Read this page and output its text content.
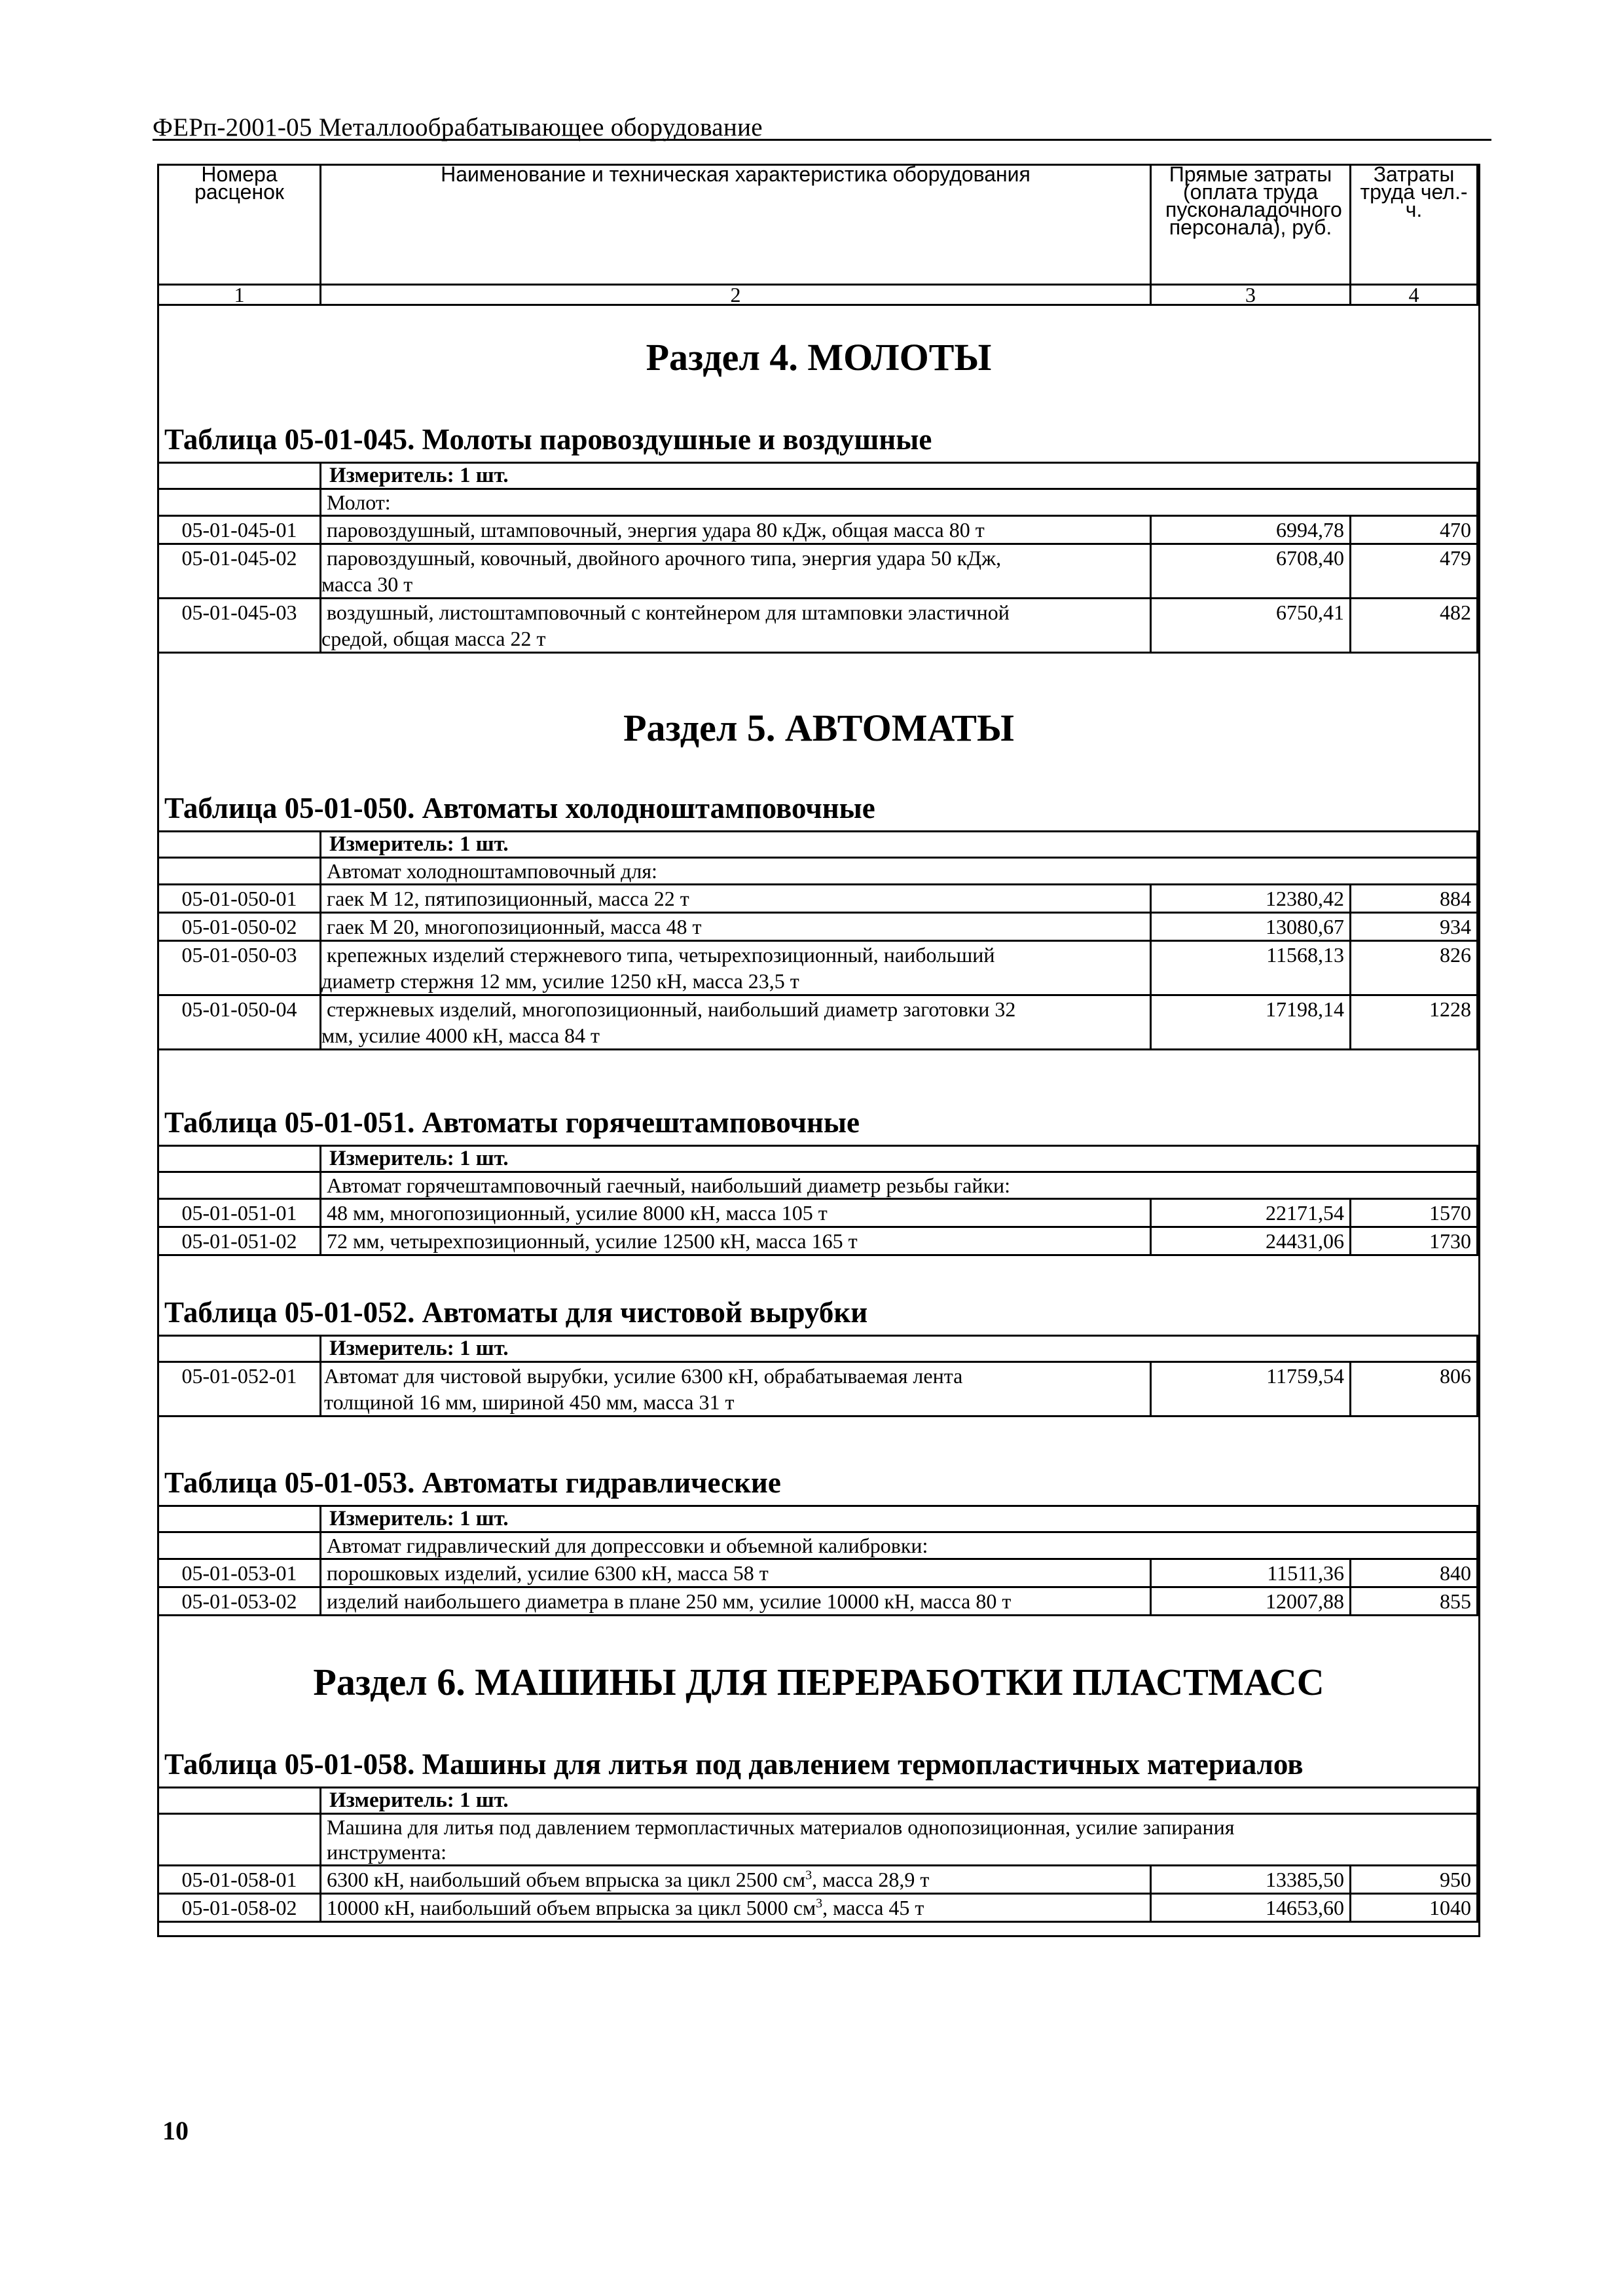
ФЕРп-2001-05 Металлообрабатывающее оборудование
Номера расценок	Наименование и техническая характеристика оборудования	Прямые затраты (оплата труда пусконаладочного персонала), руб.	Затраты труда чел.-ч.

1	2	3	4
Раздел 4. МОЛОТЫ
Таблица 05-01-045. Молоты паровоздушные и воздушные
	Измеритель: 1 шт.		
	Молот:		
05-01-045-01	паровоздушный, штамповочный, энергия удара 80 кДж, общая масса 80 т	6994,78	470
05-01-045-02	паровоздушный, ковочный, двойного арочного типа, энергия удара 50 кДж,
масса 30 т	6708,40	479
05-01-045-03	воздушный, листоштамповочный с контейнером для штамповки эластичной
средой, общая масса 22 т	6750,41	482
Раздел 5. АВТОМАТЫ
Таблица 05-01-050. Автоматы холодноштамповочные
	Измеритель: 1 шт.		
	Автомат холодноштамповочный для:		
05-01-050-01	гаек М 12, пятипозиционный, масса 22 т	12380,42	884
05-01-050-02	гаек М 20, многопозиционный, масса 48 т	13080,67	934
05-01-050-03	крепежных изделий стержневого типа, четырехпозиционный, наибольший
диаметр стержня 12 мм, усилие 1250 кН, масса 23,5 т	11568,13	826
05-01-050-04	стержневых изделий, многопозиционный, наибольший диаметр заготовки 32
мм, усилие 4000 кН, масса 84 т	17198,14	1228
Таблица 05-01-051. Автоматы горячештамповочные
	Измеритель: 1 шт.		
	Автомат горячештамповочный гаечный, наибольший диаметр резьбы гайки:		
05-01-051-01	48 мм, многопозиционный, усилие 8000 кН, масса 105 т	22171,54	1570
05-01-051-02	72 мм, четырехпозиционный, усилие 12500 кН, масса 165 т	24431,06	1730
Таблица 05-01-052. Автоматы для чистовой вырубки
	Измеритель: 1 шт.		
05-01-052-01	Автомат для чистовой вырубки, усилие 6300 кН, обрабатываемая лента
толщиной 16 мм, шириной 450 мм, масса 31 т	11759,54	806
Таблица 05-01-053. Автоматы гидравлические
	Измеритель: 1 шт.		
	Автомат гидравлический для допрессовки и объемной калибровки:		
05-01-053-01	порошковых изделий, усилие 6300 кН, масса 58 т	11511,36	840
05-01-053-02	изделий наибольшего диаметра в плане 250 мм, усилие 10000 кН, масса 80 т	12007,88	855
Раздел 6. МАШИНЫ ДЛЯ ПЕРЕРАБОТКИ ПЛАСТМАСС
Таблица 05-01-058. Машины для литья под давлением термопластичных материалов
	Измеритель: 1 шт.		
	Машина для литья под давлением термопластичных материалов однопозиционная, усилие запирания
инструмента:		
05-01-058-01	6300 кН, наибольший объем впрыска за цикл 2500 $см^3$, масса 28,9 т	13385,50	950
05-01-058-02	10000 кН, наибольший объем впрыска за цикл 5000 $см^3$, масса 45 т	14653,60	1040
10
